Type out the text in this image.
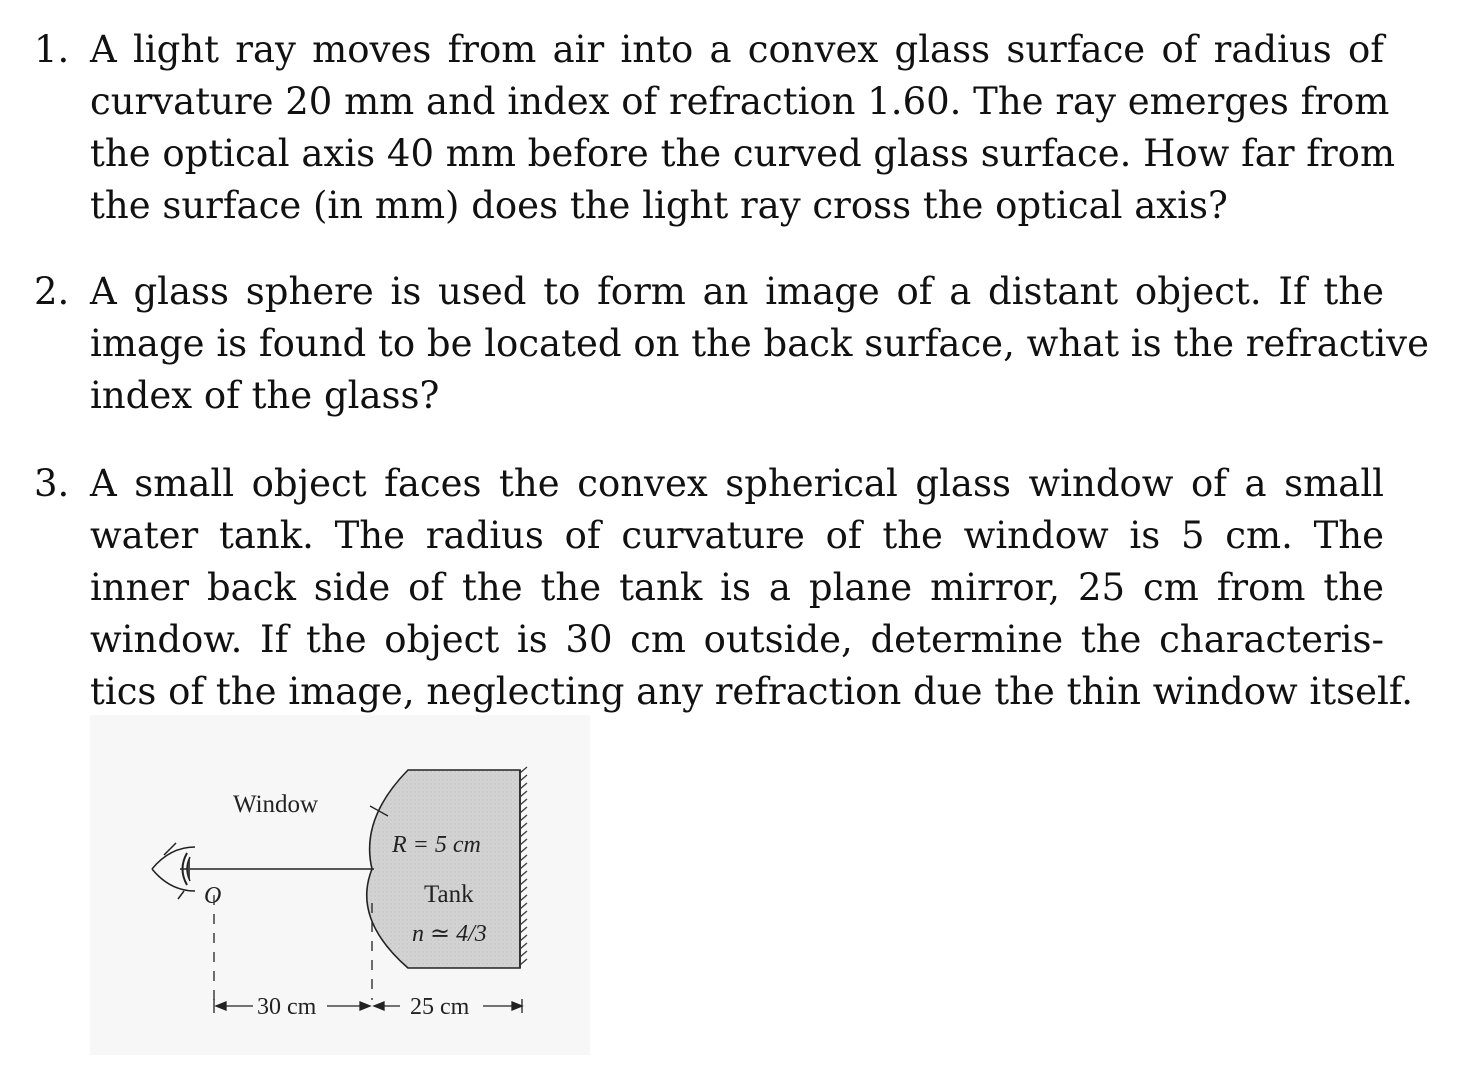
1. A light ray moves from air into a convex glass surface of radius of
curvature 20 mm and index of refraction 1.60. The ray emerges from
the optical axis 40 mm before the curved glass surface. How far from
the surface (in mm) does the light ray cross the optical axis?
2. A glass sphere is used to form an image of a distant object. If the
image is found to be located on the back surface, what is the refractive
index of the glass?
3. A small object faces the convex spherical glass window of a small
water tank. The radius of curvature of the window is 5 cm. The
inner back side of the the tank is a plane mirror, 25 cm from the
window. If the object is 30 cm outside, determine the characteris-
tics of the image, neglecting any refraction due the thin window itself.
Window
R = 5 cm
Tank
n ≃ 4/3
O
30 cm	25 cm
